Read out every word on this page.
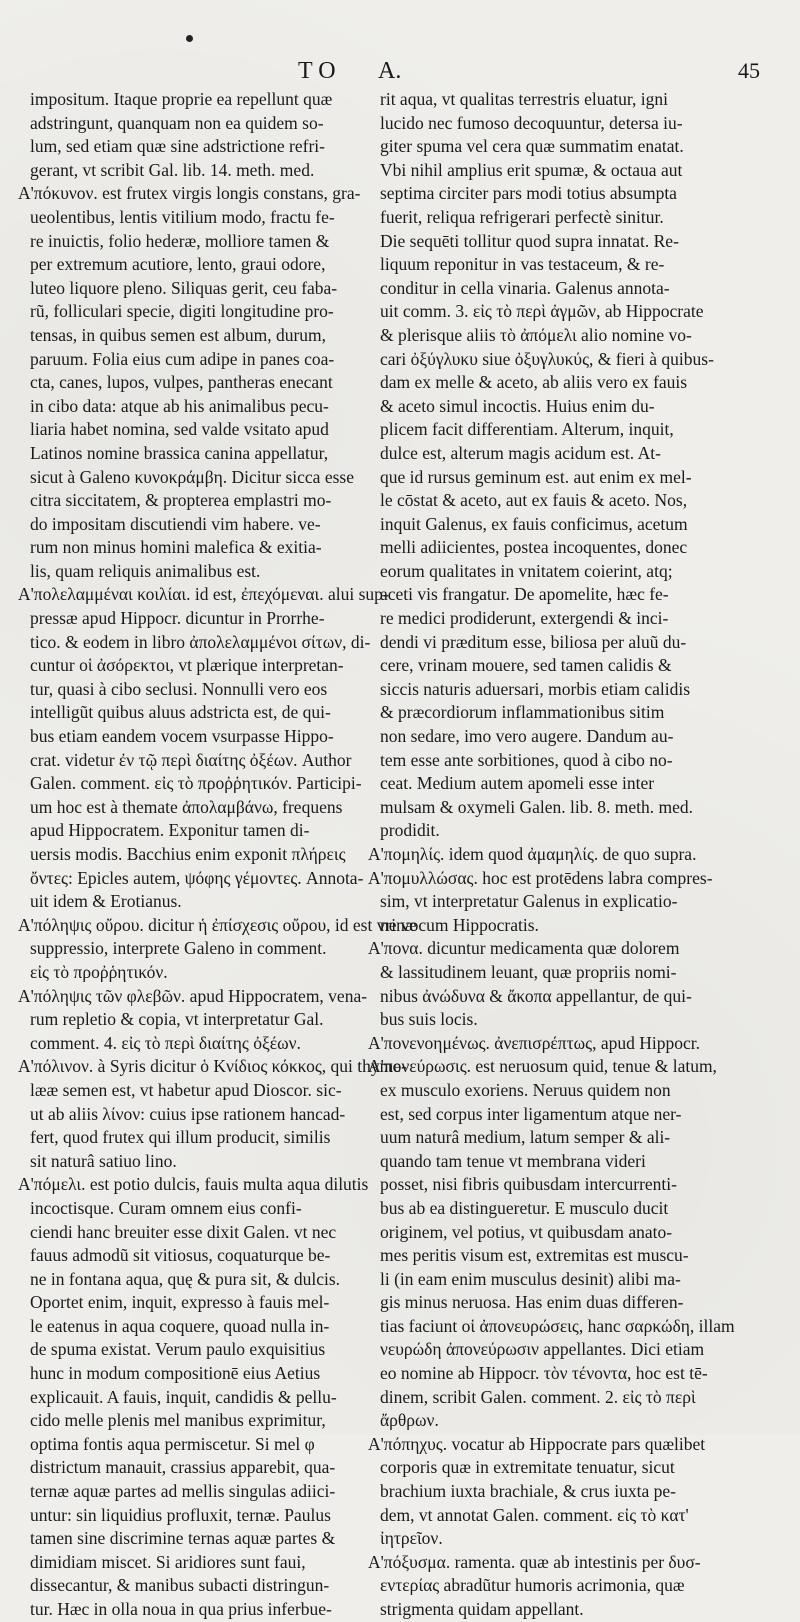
TO A.	45
impositum. Itaque proprie ea repellunt quæ
adstringunt, quanquam non ea quidem so-
lum, sed etiam quæ sine adstrictione refri-
gerant, vt scribit Gal. lib. 14. meth. med.
A'πόκυνον. est frutex virgis longis constans, gra-
ueolentibus, lentis vitilium modo, fractu fe-
re inuictis, folio hederæ, molliore tamen &
per extremum acutiore, lento, graui odore,
luteo liquore pleno. Siliquas gerit, ceu faba-
rũ, folliculari specie, digiti longitudine pro-
tensas, in quibus semen est album, durum,
paruum. Folia eius cum adipe in panes coa-
cta, canes, lupos, vulpes, pantheras enecant
in cibo data: atque ab his animalibus pecu-
liaria habet nomina, sed valde vsitato apud
Latinos nomine brassica canina appellatur,
sicut à Galeno κυνοκράμβη. Dicitur sicca esse
citra siccitatem, & propterea emplastri mo-
do impositam discutiendi vim habere. ve-
rum non minus homini malefica & exitia-
lis, quam reliquis animalibus est.
A'πολελαμμέναι κοιλίαι. id est, ἐπεχόμεναι. alui sup-
pressæ apud Hippocr. dicuntur in Prorrhe-
tico. & eodem in libro ἀπολελαμμένοι σίτων, di-
cuntur οἱ ἀσόρεκτοι, vt plærique interpretan-
tur, quasi à cibo seclusi. Nonnulli vero eos
intelligũt quibus aluus adstricta est, de qui-
bus etiam eandem vocem vsurpasse Hippo-
crat. videtur ἐν τῷ περὶ διαίτης ὀξέων. Author
Galen. comment. εἰς τὸ προῤῥητικόν. Participi-
um hoc est à themate ἀπολαμβάνω, frequens
apud Hippocratem. Exponitur tamen di-
uersis modis. Bacchius enim exponit πλήρεις
ὄντες: Epicles autem, ψόφης γέμοντες. Annota-
uit idem & Erotianus.
A'πόληψις οὔρου. dicitur ἡ ἐπίσχεσις οὔρου, id est vrinæ
suppressio, interprete Galeno in comment.
εἰς τὸ προῤῥητικόν.
A'πόληψις τῶν φλεβῶν. apud Hippocratem, vena-
rum repletio & copia, vt interpretatur Gal.
comment. 4. εἰς τὸ περὶ διαίτης ὀξέων.
A'πόλινον. à Syris dicitur ὁ Κνίδιος κόκκος, qui thyme-
lææ semen est, vt habetur apud Dioscor. sic-
ut ab aliis λίνον: cuius ipse rationem hancad-
fert, quod frutex qui illum producit, similis
sit naturâ satiuo lino.
A'πόμελι. est potio dulcis, fauis multa aqua dilutis
incoctisque. Curam omnem eius confi-
ciendi hanc breuiter esse dixit Galen. vt nec
fauus admodũ sit vitiosus, coquaturque be-
ne in fontana aqua, quę & pura sit, & dulcis.
Oportet enim, inquit, expresso à fauis mel-
le eatenus in aqua coquere, quoad nulla in-
de spuma existat. Verum paulo exquisitius
hunc in modum compositionē eius Aetius
explicauit. A fauis, inquit, candidis & pellu-
cido melle plenis mel manibus exprimitur,
optima fontis aqua permiscetur. Si mel φ
districtum manauit, crassius apparebit, qua-
ternæ aquæ partes ad mellis singulas adiici-
untur: sin liquidius profluxit, ternæ. Paulus
tamen sine discrimine ternas aquæ partes &
dimidiam miscet. Si aridiores sunt faui,
dissecantur, & manibus subacti distringun-
tur. Hæc in olla noua in qua prius inferbue-
rit aqua, vt qualitas terrestris eluatur, igni
lucido nec fumoso decoquuntur, detersa iu-
giter spuma vel cera quæ summatim enatat.
Vbi nihil amplius erit spumæ, & octaua aut
septima circiter pars modi totius absumpta
fuerit, reliqua refrigerari perfectè sinitur.
Die sequēti tollitur quod supra innatat. Re-
liquum reponitur in vas testaceum, & re-
conditur in cella vinaria. Galenus annota-
uit comm. 3. εἰς τὸ περὶ ἀγμῶν, ab Hippocrate
& plerisque aliis τὸ ἀπόμελι alio nomine vo-
cari ὀξύγλυκυ siue ὀξυγλυκύς, & fieri à quibus-
dam ex melle & aceto, ab aliis vero ex fauis
& aceto simul incoctis. Huius enim du-
plicem facit differentiam. Alterum, inquit,
dulce est, alterum magis acidum est. At-
que id rursus geminum est. aut enim ex mel-
le cōstat & aceto, aut ex fauis & aceto. Nos,
inquit Galenus, ex fauis conficimus, acetum
melli adiicientes, postea incoquentes, donec
eorum qualitates in vnitatem coierint, atq;
aceti vis frangatur. De apomelite, hæc fe-
re medici prodiderunt, extergendi & inci-
dendi vi præditum esse, biliosa per aluũ du-
cere, vrinam mouere, sed tamen calidis &
siccis naturis aduersari, morbis etiam calidis
& præcordiorum inflammationibus sitim
non sedare, imo vero augere. Dandum au-
tem esse ante sorbitiones, quod à cibo no-
ceat. Medium autem apomeli esse inter
mulsam & oxymeli Galen. lib. 8. meth. med.
prodidit.
A'πομηλίς. idem quod ἀμαμηλίς. de quo supra.
A'πομυλλώσας. hoc est protēdens labra compres-
sim, vt interpretatur Galenus in explicatio-
ne vocum Hippocratis.
A'πονα. dicuntur medicamenta quæ dolorem
& lassitudinem leuant, quæ propriis nomi-
nibus ἀνώδυνα & ἄκοπα appellantur, de qui-
bus suis locis.
A'πονενοημένως. ἀνεπισρέπτως, apud Hippocr.
A'πονεύρωσις. est neruosum quid, tenue & latum,
ex musculo exoriens. Neruus quidem non
est, sed corpus inter ligamentum atque ner-
uum naturâ medium, latum semper & ali-
quando tam tenue vt membrana videri
posset, nisi fibris quibusdam intercurrenti-
bus ab ea distingueretur. E musculo ducit
originem, vel potius, vt quibusdam anato-
mes peritis visum est, extremitas est muscu-
li (in eam enim musculus desinit) alibi ma-
gis minus neruosa. Has enim duas differen-
tias faciunt οἱ ἀπονευρώσεις, hanc σαρκώδη, illam
νευρώδη ἀπονεύρωσιν appellantes. Dici etiam
eo nomine ab Hippocr. τὸν τένοντα, hoc est tē-
dinem, scribit Galen. comment. 2. εἰς τὸ περὶ
ἄρθρων.
A'πόπηχυς. vocatur ab Hippocrate pars quælibet
corporis quæ in extremitate tenuatur, sicut
brachium iuxta brachiale, & crus iuxta pe-
dem, vt annotat Galen. comment. εἰς τὸ κατ'
ἰητρεῖον.
A'πόξυσμα. ramenta. quæ ab intestinis per δυσ-
εντερίας abradũtur humoris acrimonia, quæ
strigmenta quidam appellant.
